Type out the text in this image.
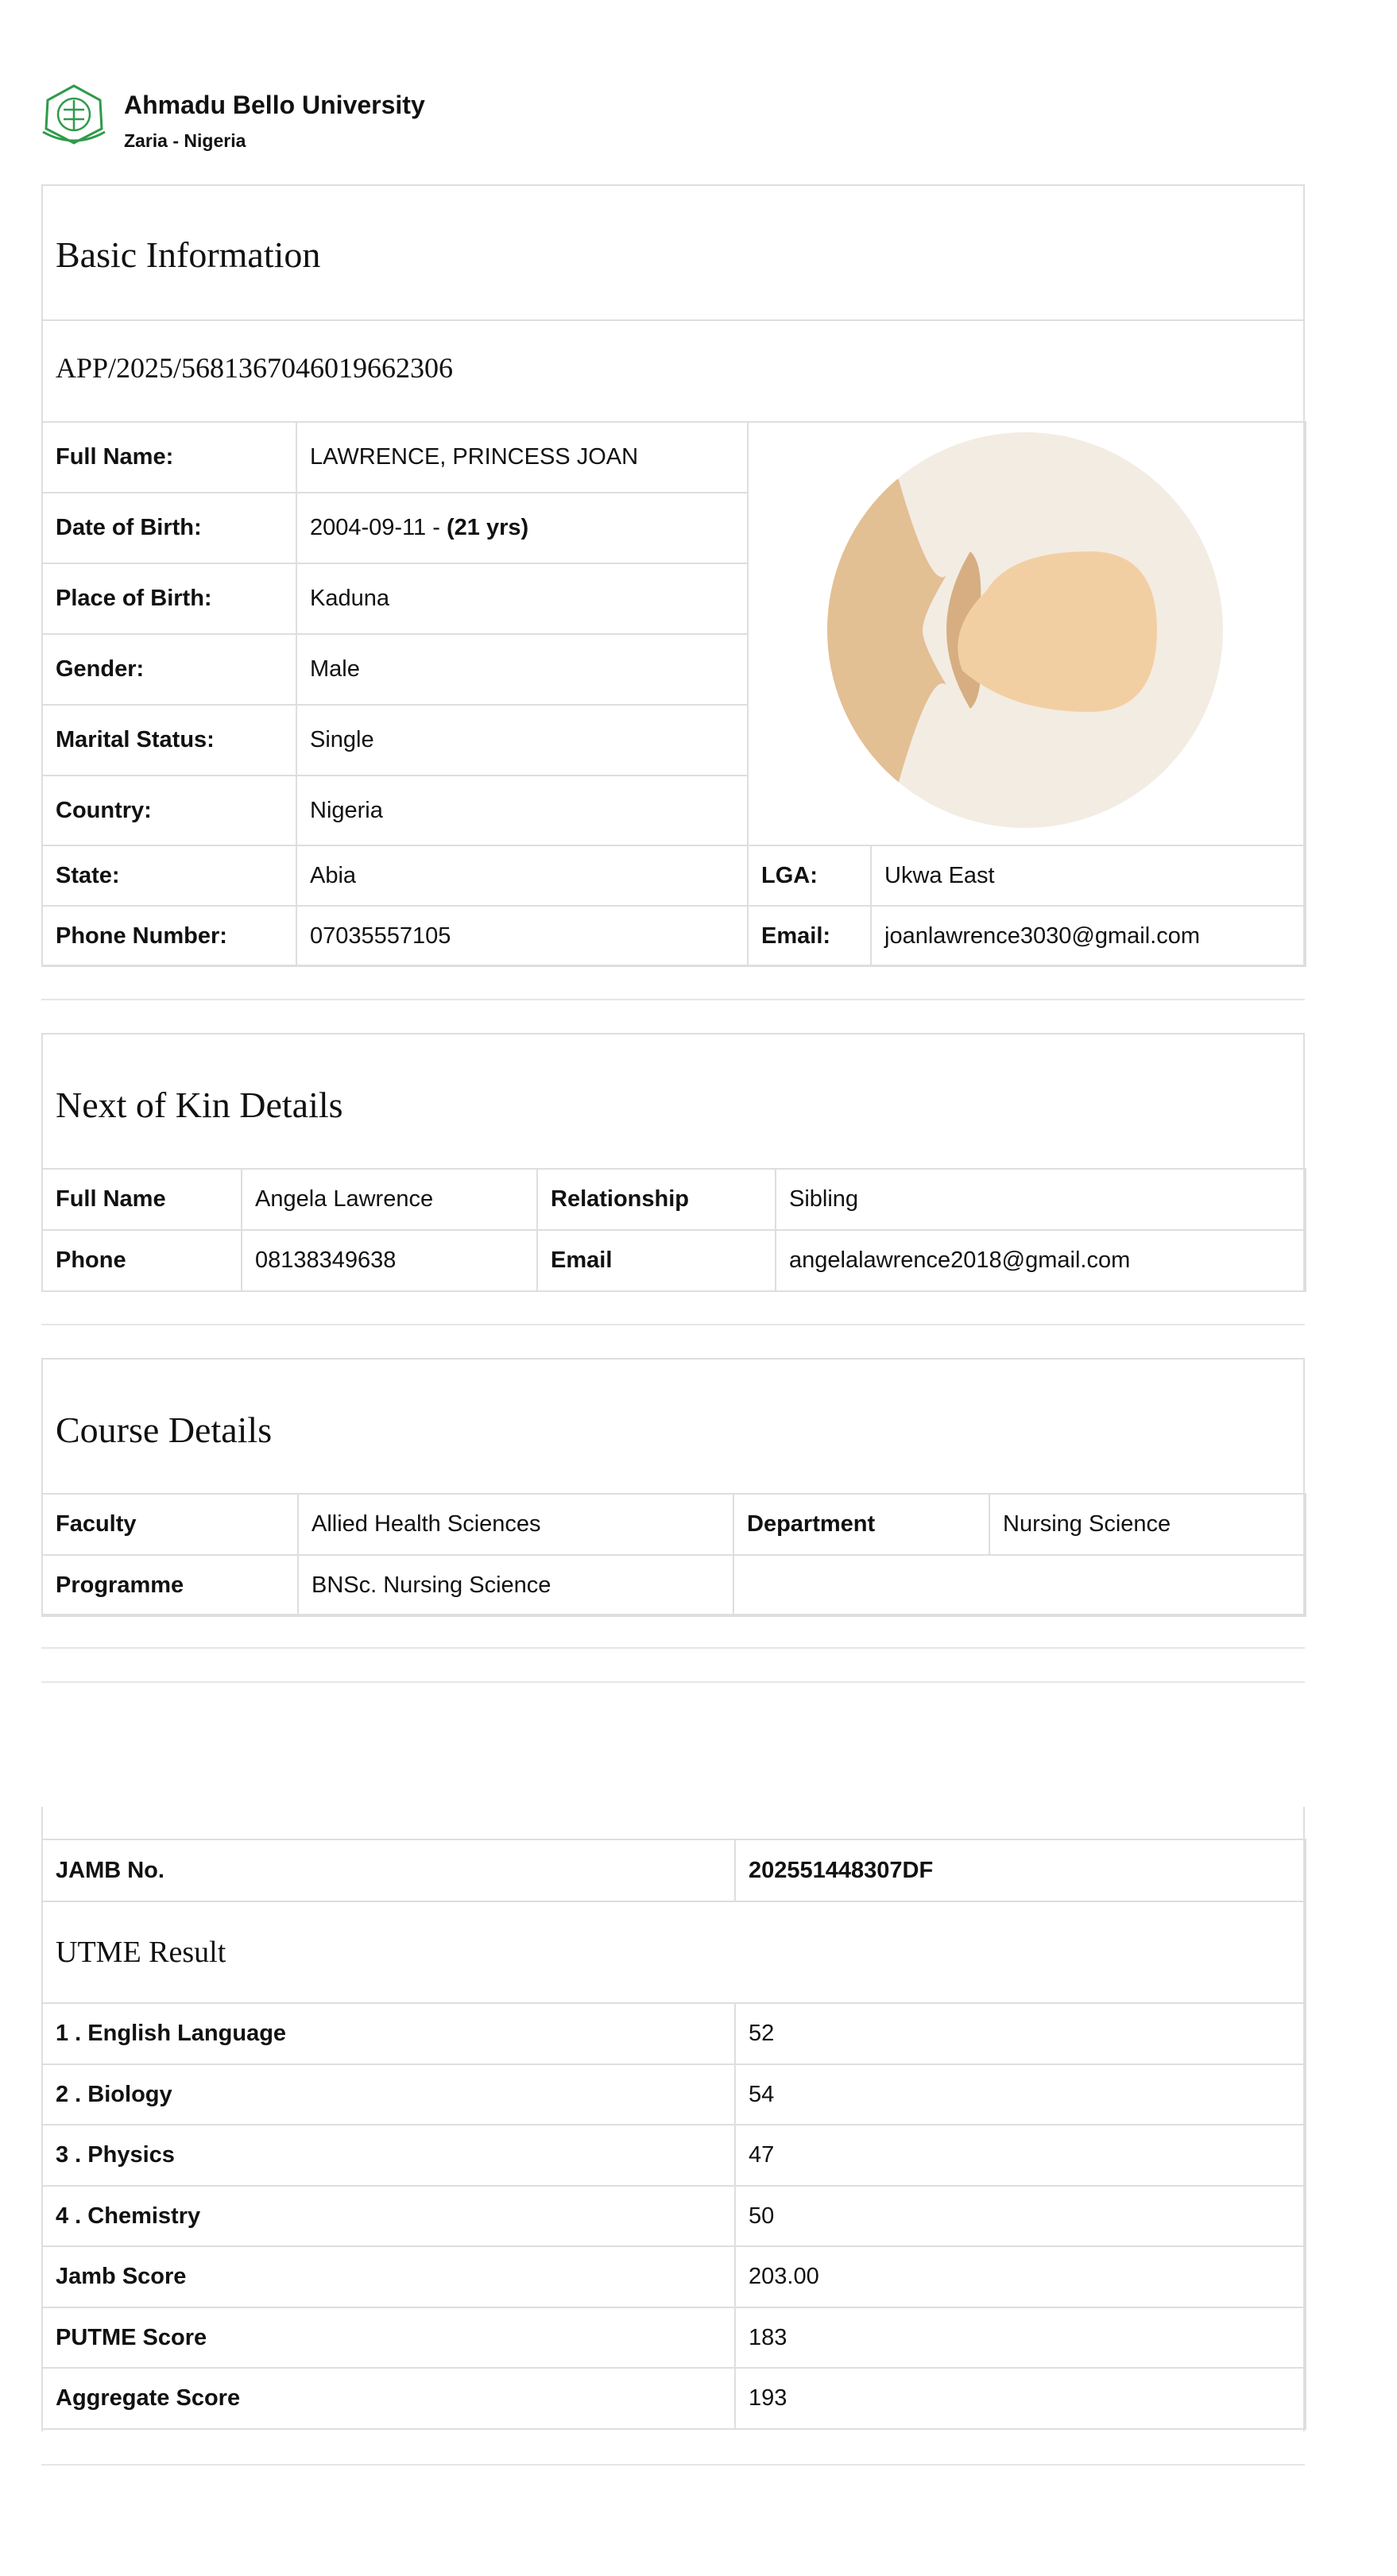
Ahmadu Bello University
Zaria - Nigeria
Basic Information
APP/2025/5681367046019662306
Full Name:	LAWRENCE, PRINCESS JOAN	

Date of Birth:	2004-09-11 - (21 yrs)		
Place of Birth:	Kaduna		
Gender:	Male		
Marital Status:	Single		
Country:	Nigeria		
State:	Abia	LGA:	Ukwa East
Phone Number:	07035557105	Email:	joanlawrence3030@gmail.com
Next of Kin Details
Full Name	Angela Lawrence	Relationship	Sibling
Phone	08138349638	Email	angelalawrence2018@gmail.com
Course Details
Faculty	Allied Health Sciences	Department	Nursing Science
Programme	BNSc. Nursing Science		
JAMB No.	202551448307DF
UTME Result	
1 . English Language	52
2 . Biology	54
3 . Physics	47
4 . Chemistry	50
Jamb Score	203.00
PUTME Score	183
Aggregate Score	193
